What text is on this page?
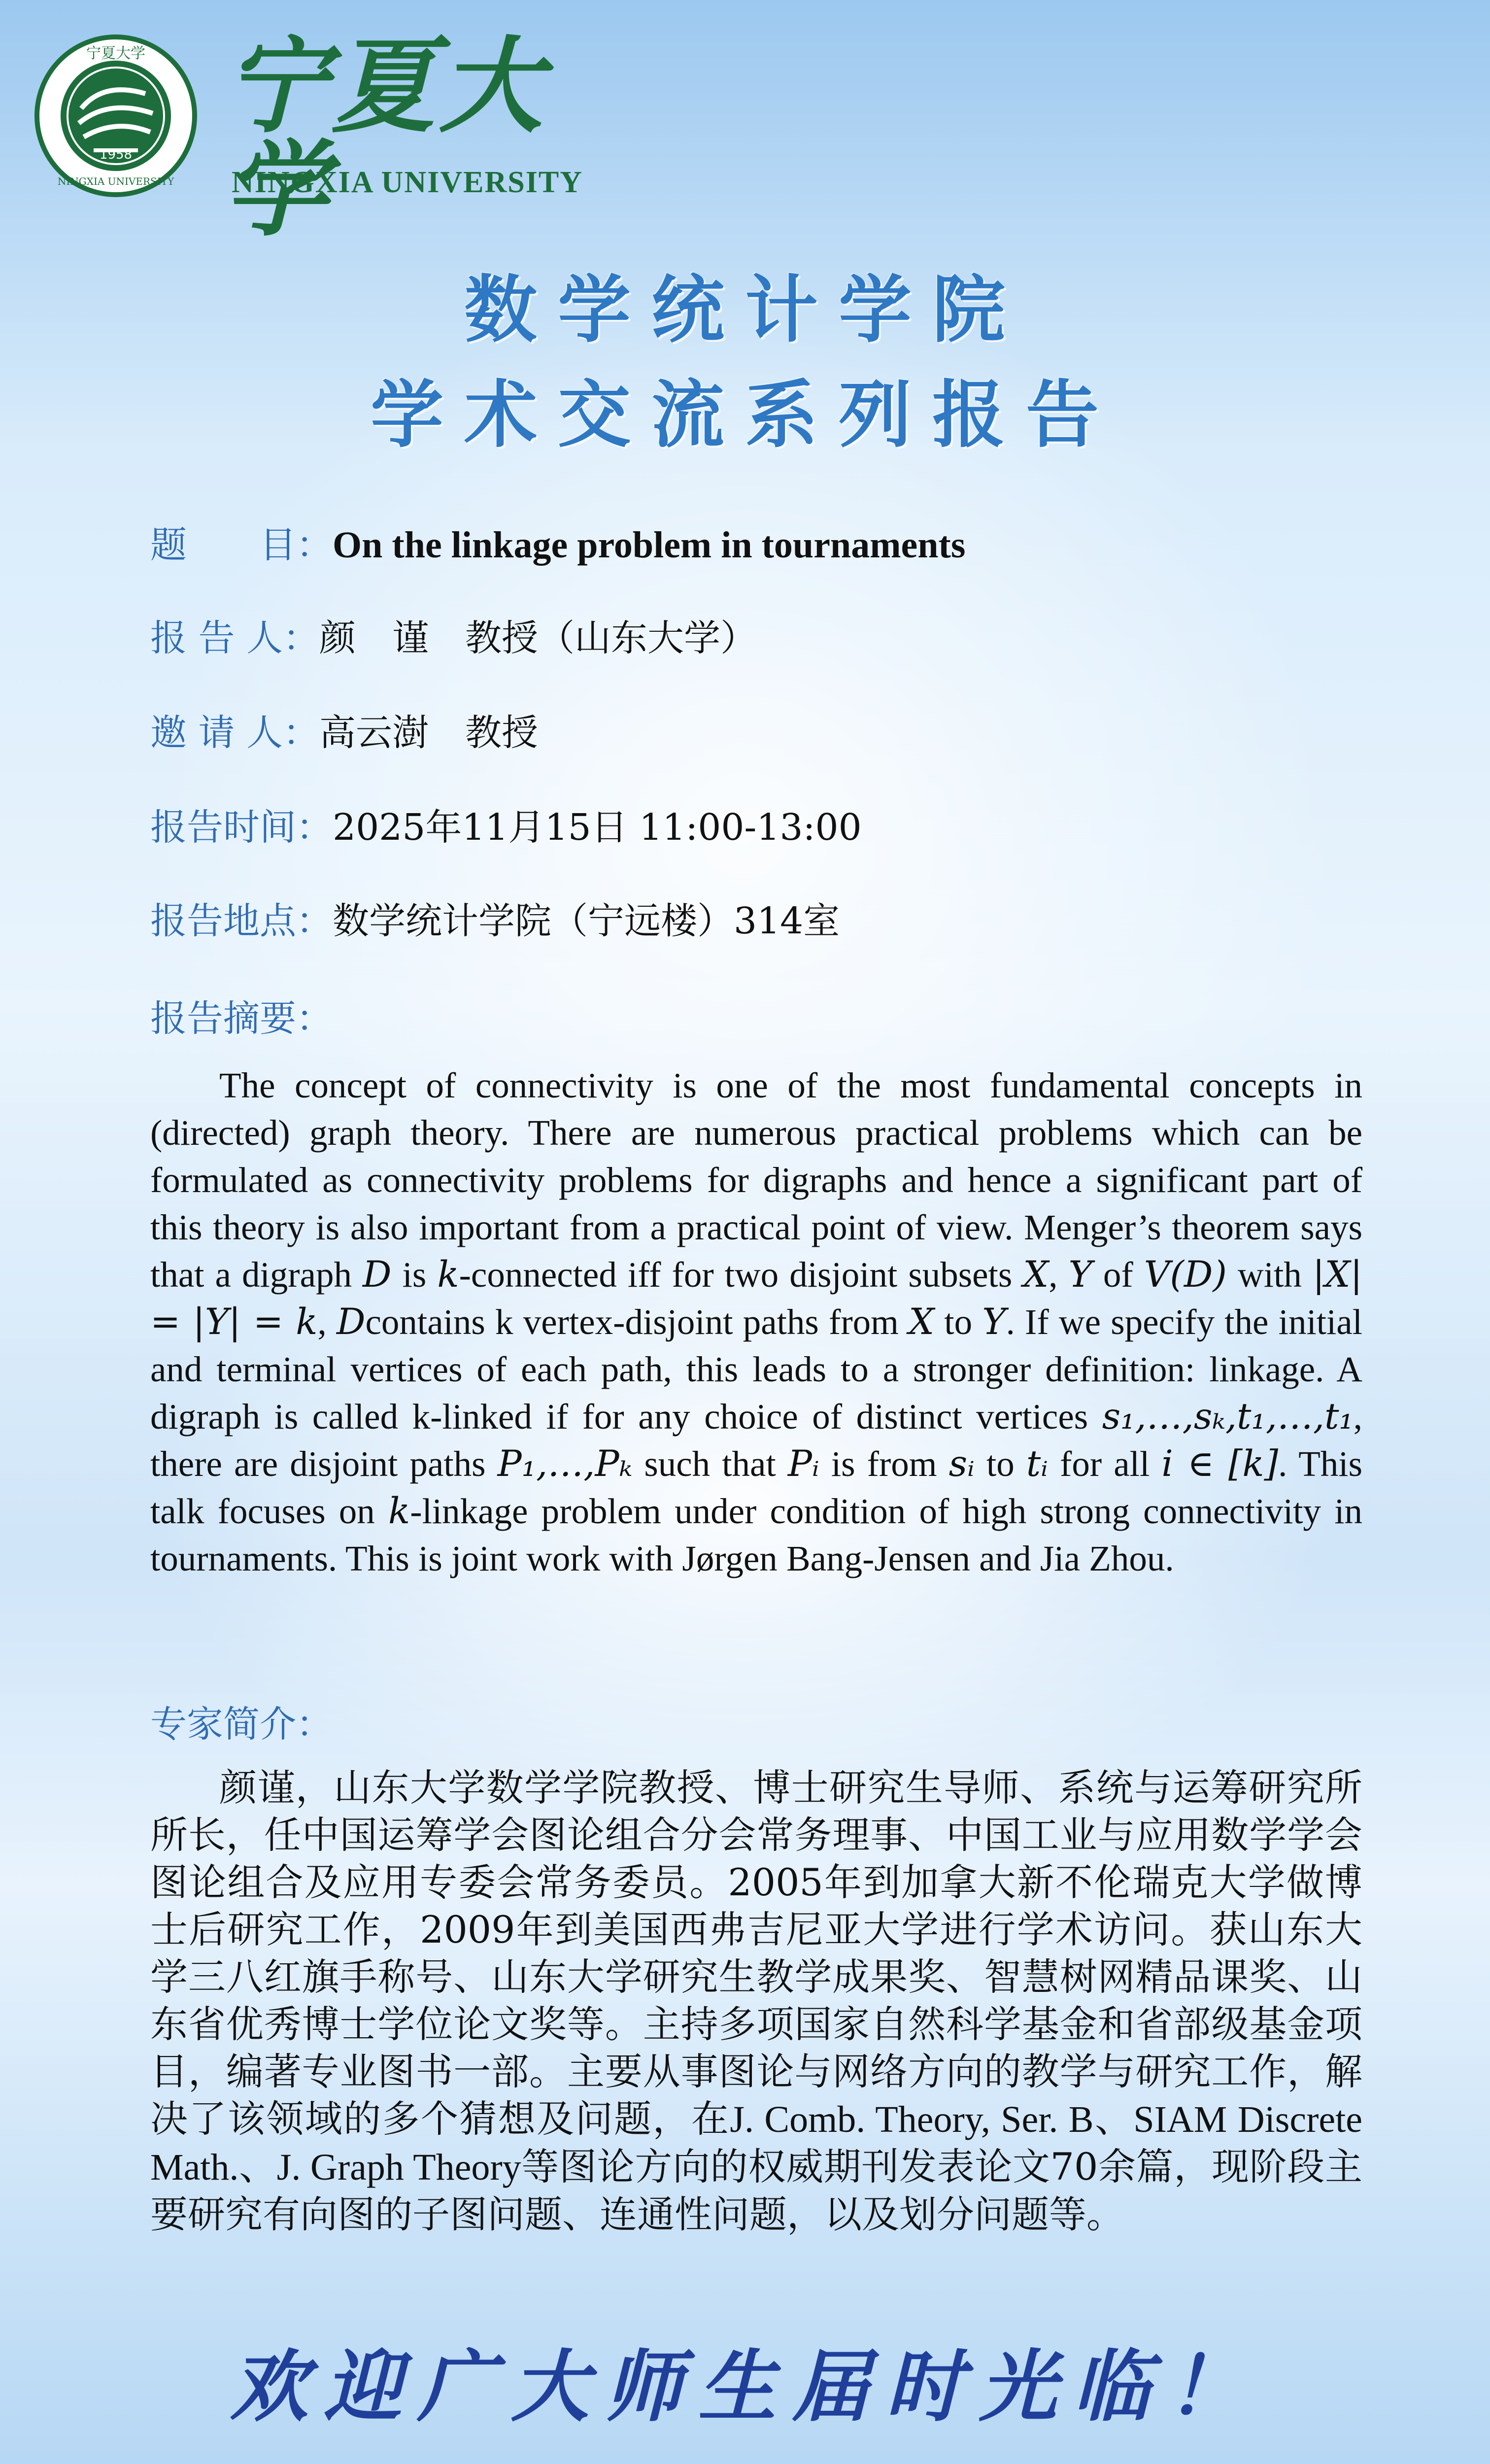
1958
宁夏大学
NINGXIA UNIVERSITY
宁夏大学
NINGXIA UNIVERSITY
数学统计学院
学术交流系列报告
题　　目：On the linkage problem in tournaments
报 告 人：颜　谨　教授（山东大学）
邀 请 人：高云澍　教授
报告时间：2025年11月15日 11:00-13:00
报告地点：数学统计学院（宁远楼）314室
报告摘要：
The concept of connectivity is one of the most fundamental concepts in (directed) graph theory. There are numerous practical problems which can be formulated as connectivity problems for digraphs and hence a significant part of this theory is also important from a practical point of view. Menger’s theorem says that a digraph D is k-connected iff for two disjoint subsets X, Y of V(D) with |X| = |Y| = k, Dcontains k vertex-disjoint paths from X to Y. If we specify the initial and terminal vertices of each path, this leads to a stronger definition: linkage. A digraph is called k-linked if for any choice of distinct vertices s₁,…,sₖ,t₁,…,t₁, there are disjoint paths P₁,…,Pₖ such that Pᵢ is from sᵢ to tᵢ for all i ∈ [k]. This talk focuses on k-linkage problem under condition of high strong connectivity in tournaments. This is joint work with Jørgen Bang-Jensen and Jia Zhou.
专家简介：
颜谨，山东大学数学学院教授、博士研究生导师、系统与运筹研究所所长，任中国运筹学会图论组合分会常务理事、中国工业与应用数学学会图论组合及应用专委会常务委员。2005年到加拿大新不伦瑞克大学做博士后研究工作，2009年到美国西弗吉尼亚大学进行学术访问。获山东大学三八红旗手称号、山东大学研究生教学成果奖、智慧树网精品课奖、山东省优秀博士学位论文奖等。主持多项国家自然科学基金和省部级基金项目，编著专业图书一部。主要从事图论与网络方向的教学与研究工作，解决了该领域的多个猜想及问题，在J. Comb. Theory, Ser. B、SIAM Discrete Math.、J. Graph Theory等图论方向的权威期刊发表论文70余篇，现阶段主要研究有向图的子图问题、连通性问题，以及划分问题等。
欢迎广大师生届时光临！
